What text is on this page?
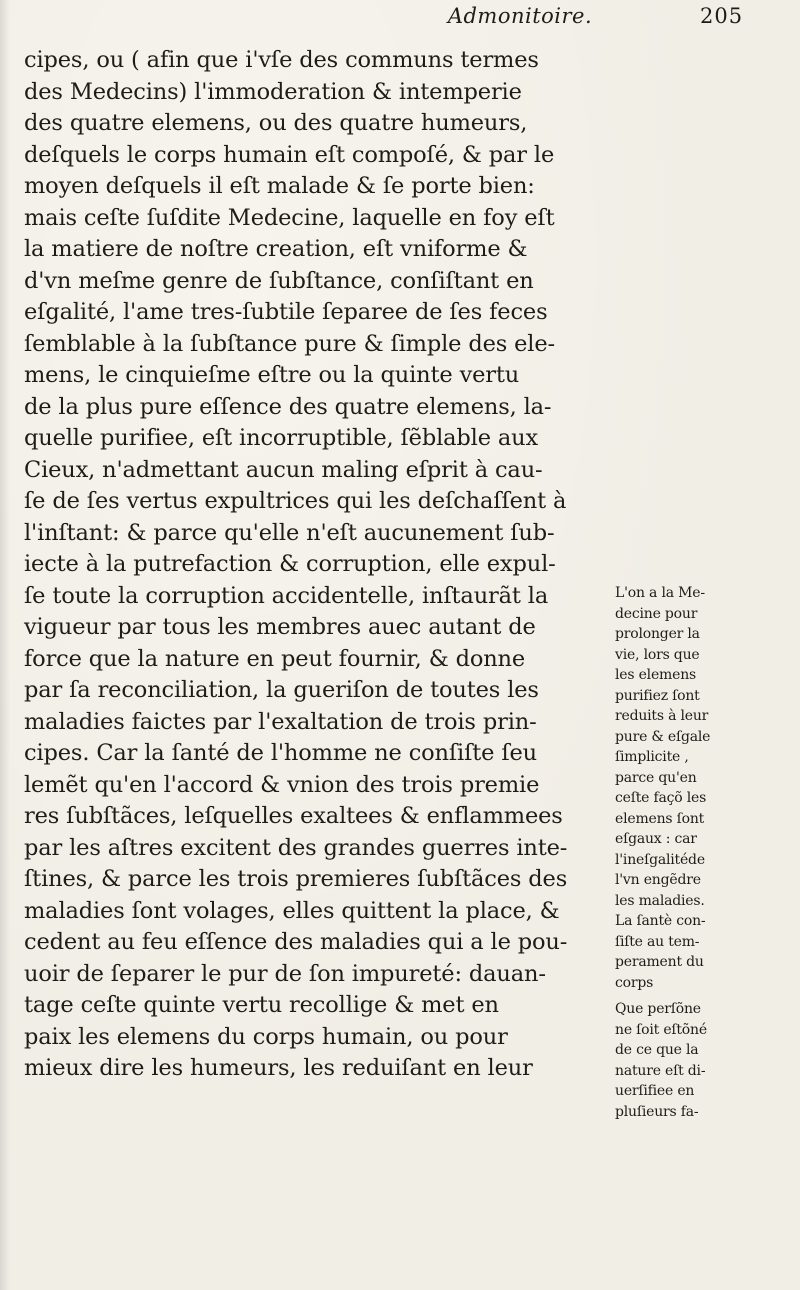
Admonitoire.	205
cipes, ou ( afin que i'vſe des communs termes
des Medecins) l'immoderation & intemperie
des quatre elemens, ou des quatre humeurs,
deſquels le corps humain eſt compoſé, & par le
moyen deſquels il eſt malade & ſe porte bien:
mais ceſte ſuſdite Medecine, laquelle en foy eſt
la matiere de noſtre creation, eſt vniforme &
d'vn meſme genre de ſubſtance, conſiſtant en
eſgalité, l'ame tres-ſubtile ſeparee de ſes feces
ſemblable à la ſubſtance pure & ſimple des ele-
mens, le cinquieſme eſtre ou la quinte vertu
de la plus pure eſſence des quatre elemens, la-
quelle purifiee, eſt incorruptible, ſẽblable aux
Cieux, n'admettant aucun maling eſprit à cau-
ſe de ſes vertus expultrices qui les deſchaſſent à
l'inſtant: & parce qu'elle n'eſt aucunement ſub-
iecte à la putrefaction & corruption, elle expul-
ſe toute la corruption accidentelle, inſtaurãt la
vigueur par tous les membres auec autant de
force que la nature en peut fournir, & donne
par ſa reconciliation, la gueriſon de toutes les
maladies faictes par l'exaltation de trois prin-
cipes. Car la ſanté de l'homme ne conſiſte ſeu
lemẽt qu'en l'accord & vnion des trois premie
res ſubſtãces, leſquelles exaltees & enflammees
par les aſtres excitent des grandes guerres inte-
ſtines, & parce les trois premieres ſubſtãces des
maladies ſont volages, elles quittent la place, &
cedent au feu eſſence des maladies qui a le pou-
uoir de ſeparer le pur de ſon impureté: dauan-
tage ceſte quinte vertu recollige & met en
paix les elemens du corps humain, ou pour
mieux dire les humeurs, les reduiſant en leur
L'on a la Me-
decine pour
prolonger la
vie, lors que
les elemens
purifiez ſont
reduits à leur
pure & eſgale
ſimplicite ,
parce qu'en
ceſte façõ les
elemens ſont
eſgaux : car
l'ineſgalitéde
l'vn engẽdre
les maladies.
La ſantè con-
ſiſte au tem-
perament du
corps
Que perſõne
ne ſoit eſtõné
de ce que la
nature eſt di-
uerſifiee en
pluſieurs fa-
